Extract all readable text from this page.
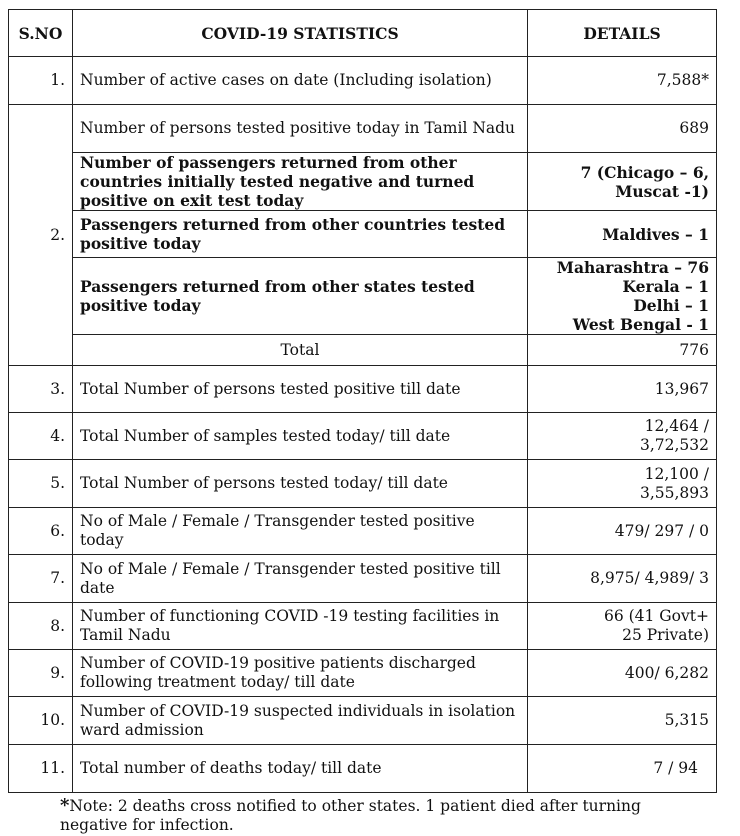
S.NO	COVID-19 STATISTICS	DETAILS
1.	Number of active cases on date (Including isolation)	7,588*
2.	Number of persons tested positive today in Tamil Nadu	689
	Number of passengers returned from other countries initially tested negative and turned positive on exit test today	7 (Chicago – 6, Muscat -1)
	Passengers returned from other countries tested positive today	Maldives – 1
	Passengers returned from other states tested positive today	Maharashtra – 76
Kerala – 1
Delhi – 1
West Bengal - 1

	Total	776
3.	Total Number of persons tested positive till date	13,967
4.	Total Number of samples tested today/ till date	12,464 /
3,72,532

5.	Total Number of persons tested today/ till date	12,100 /
3,55,893

6.	No of Male / Female / Transgender tested positive today	479/ 297 / 0
7.	No of Male / Female / Transgender tested positive till date	8,975/ 4,989/ 3
8.	Number of functioning COVID -19 testing facilities in Tamil Nadu	66 (41 Govt+
25 Private)

9.	Number of COVID-19 positive patients discharged following treatment today/ till date	400/ 6,282
10.	Number of COVID-19 suspected individuals in isolation ward admission	5,315
11.	Total number of deaths today/ till date	7 / 94
*Note: 2 deaths cross notified to other states. 1 patient died after turning negative for infection.
